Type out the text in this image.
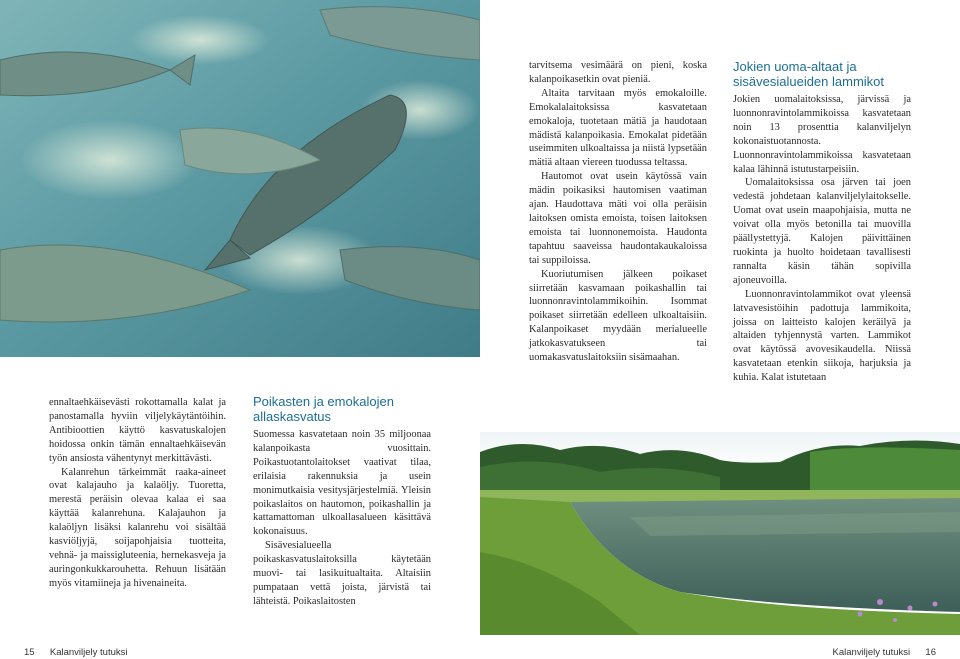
ennaltaehkäisevästi rokottamalla kalat ja panostamalla hyviin viljelykäytäntöihin. Antibioottien käyttö kasvatuskalojen hoidossa onkin tämän ennaltaehkäisevän työn ansiosta vähentynyt merkittävästi.

Kalanrehun tärkeimmät raaka-aineet ovat kalajauho ja kalaöljy. Tuoretta, merestä peräisin olevaa kalaa ei saa käyttää kalanrehuna. Kalajauhon ja kalaöljyn lisäksi kalanrehu voi sisältää kasviöljyjä, soijapohjaisia tuotteita, vehnä- ja maissigluteenia, hernekasveja ja auringonkukkarouhetta. Rehuun lisätään myös vitamiineja ja hivenaineita.

Poikasten ja emokalojen allaskasvatus

Suomessa kasvatetaan noin 35 miljoonaa kalanpoikasta vuosittain. Poikastuotantolaitokset vaativat tilaa, erilaisia rakennuksia ja usein monimutkaisia vesitysjärjestelmiä. Yleisin poikaslaitos on hautomon, poikashallin ja kattamattoman ulkoallasalueen käsittävä kokonaisuus.

Sisävesialueella poikaskasvatuslaitoksilla käytetään muovi- tai lasikuitualtaita. Altaisiin pumpataan vettä joista, järvistä tai lähteistä. Poikaslaitosten

tarvitsema vesimäärä on pieni, koska kalanpoikasetkin ovat pieniä.

Altaita tarvitaan myös emokaloille. Emokalalaitoksissa kasvatetaan emokaloja, tuotetaan mätiä ja haudotaan mädistä kalanpoikasia. Emokalat pidetään useimmiten ulkoaltaissa ja niistä lypsetään mätiä altaan viereen tuodussa teltassa.

Hautomot ovat usein käytössä vain mädin poikasiksi hautomisen vaatiman ajan. Haudottava mäti voi olla peräisin laitoksen omista emoista, toisen laitoksen emoista tai luonnonemoista. Haudonta tapahtuu saaveissa haudontakaukaloissa tai suppiloissa.

Kuoriutumisen jälkeen poikaset siirretään kasvamaan poikashallin tai luonnonravintolammikoihin. Isommat poikaset siirretään edelleen ulkoaltaisiin. Kalanpoikaset myydään merialueelle jatkokasvatukseen tai uomakasvatuslaitoksiin sisämaahan.

Jokien uoma-altaat ja sisävesialueiden lammikot

Jokien uomalaitoksissa, järvissä ja luonnonravintolammikoissa kasvatetaan noin 13 prosenttia kalanviljelyn kokonaistuotannosta. Luonnonravintolammikoissa kasvatetaan kalaa lähinnä istutustarpeisiin.

Uomalaitoksissa osa järven tai joen vedestä johdetaan kalanviljelylaitokselle. Uomat ovat usein maapohjaisia, mutta ne voivat olla myös betonilla tai muovilla päällystettyjä. Kalojen päivittäinen ruokinta ja huolto hoidetaan tavallisesti rannalta käsin tähän sopivilla ajoneuvoilla.

Luonnonravintolammikot ovat yleensä latvavesistöihin padottuja lammikoita, joissa on laitteisto kalojen keräilyä ja altaiden tyhjennystä varten. Lammikot ovat käytössä avovesikaudella. Niissä kasvatetaan etenkin siikoja, harjuksia ja kuhia. Kalat istutetaan

15 Kalanviljely tutuksi	Kalanviljely tutuksi 16
